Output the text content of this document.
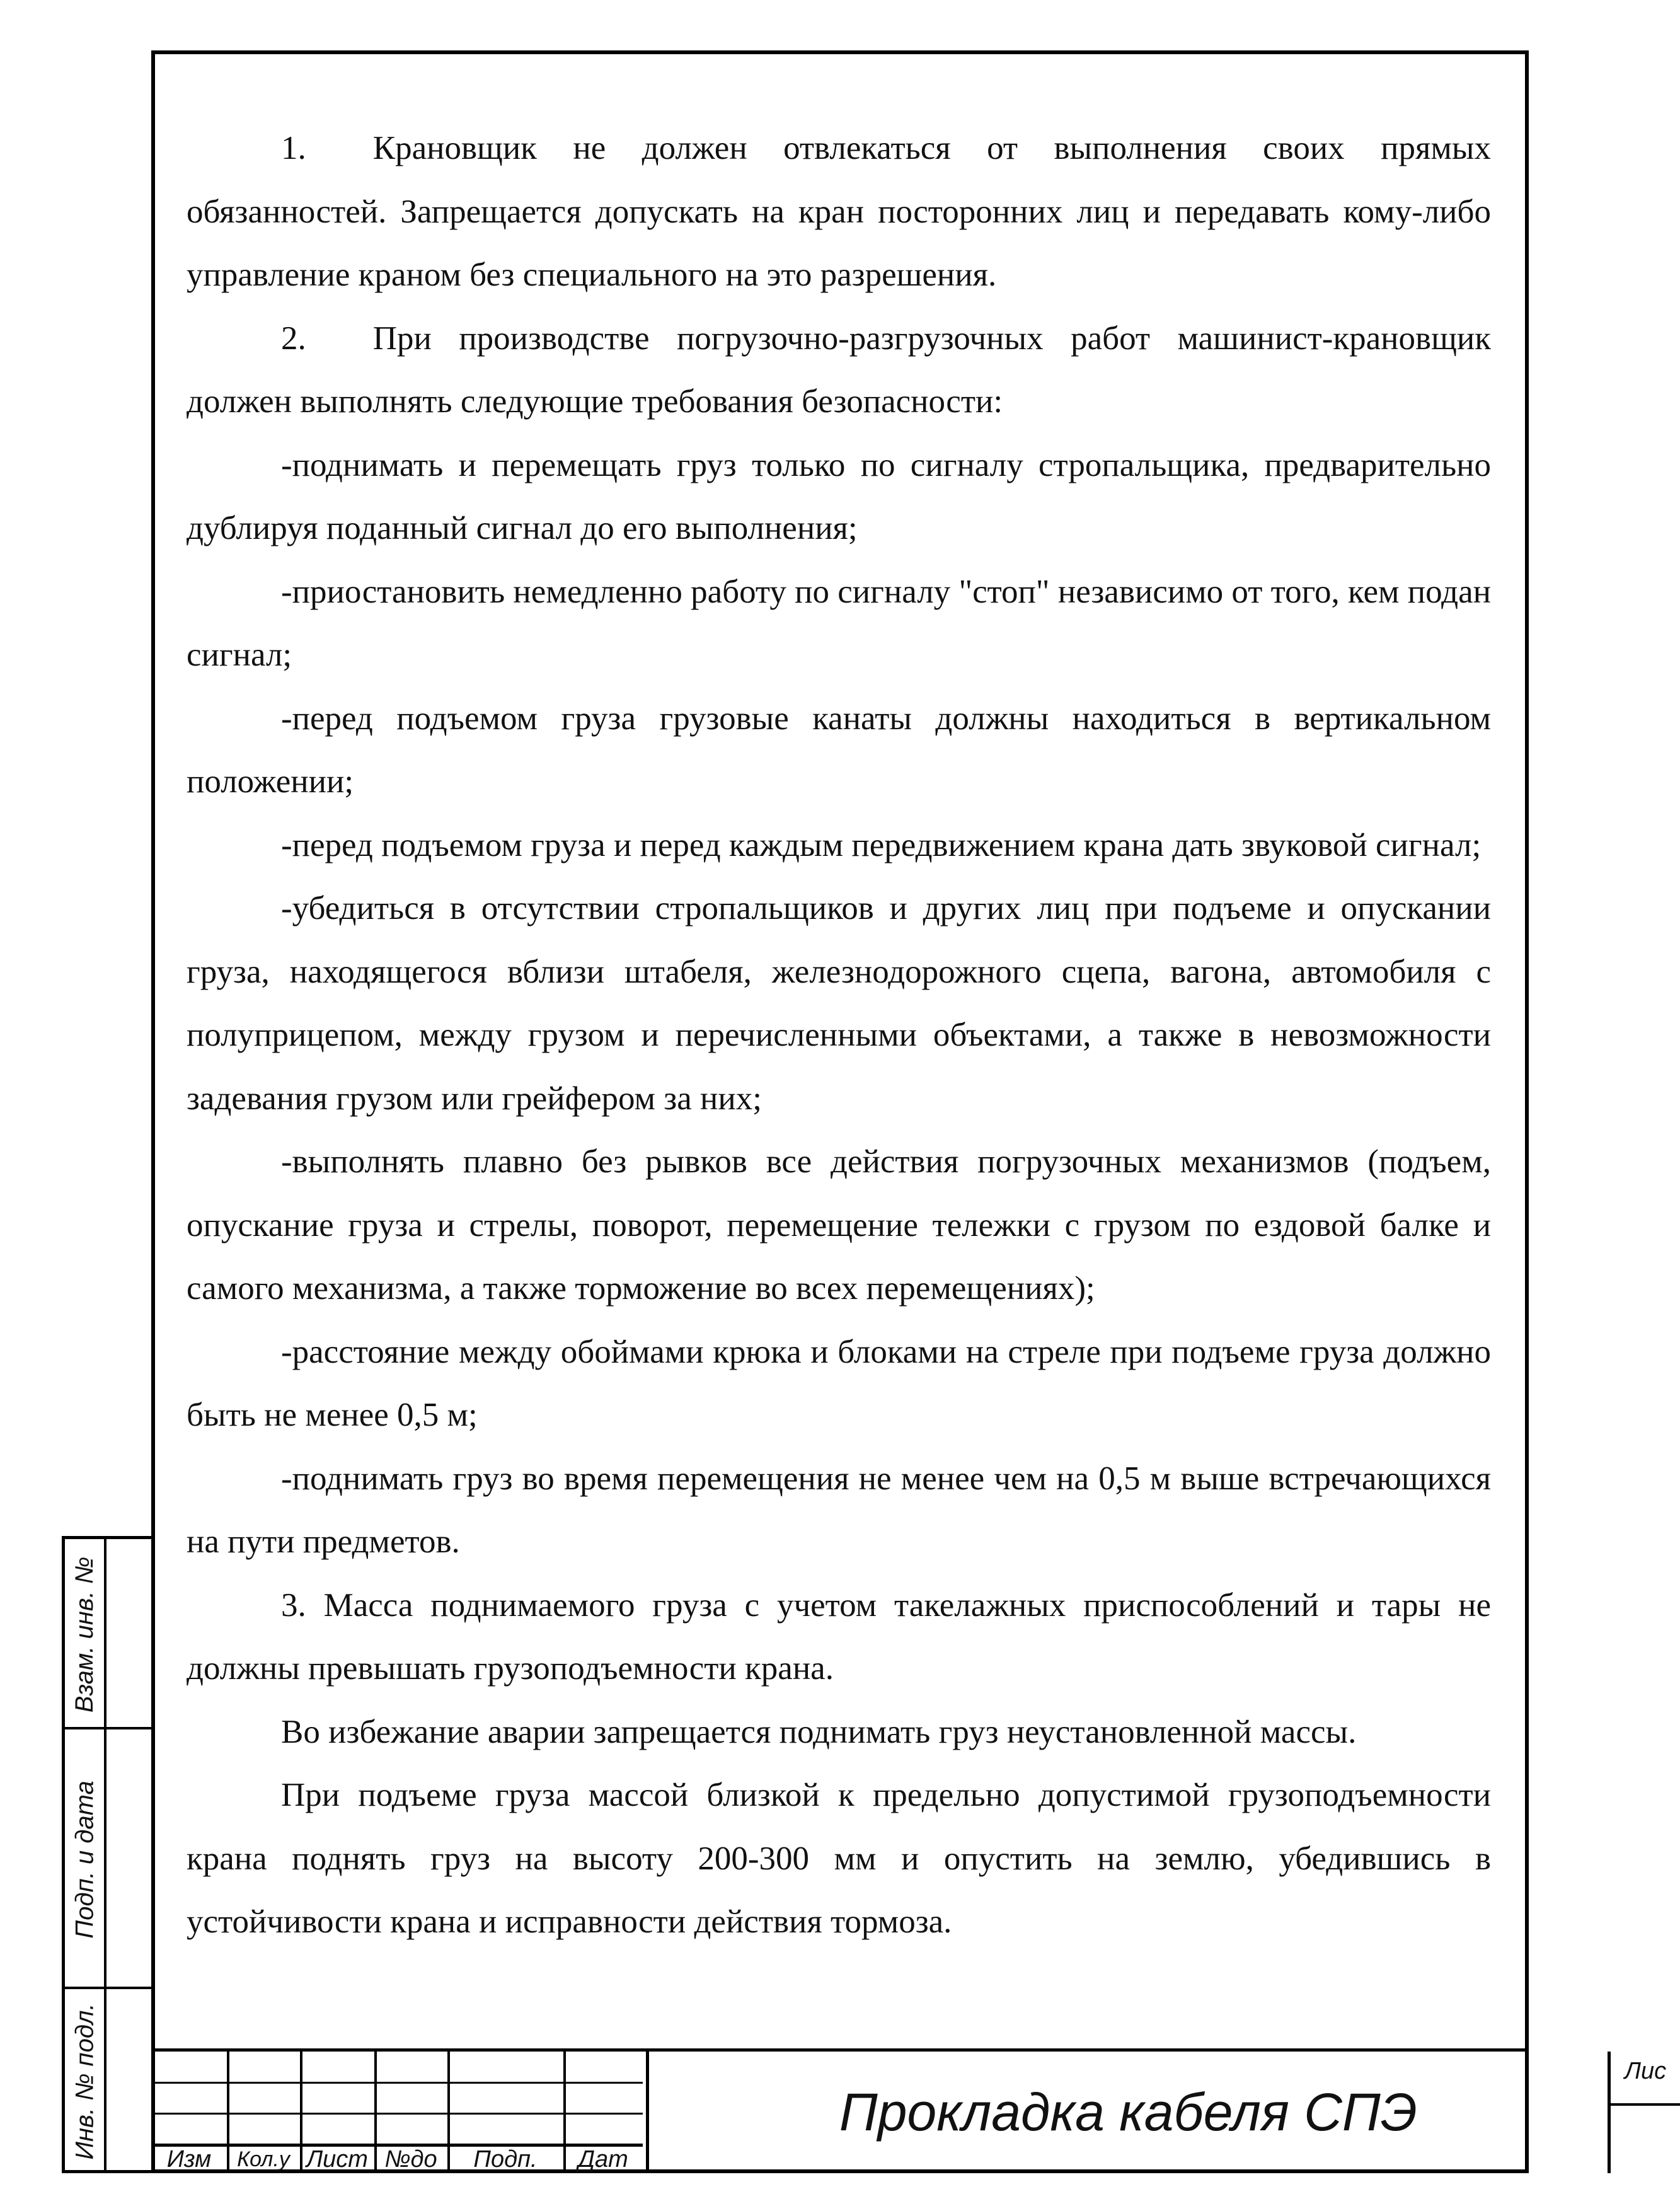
1.  Крановщик не должен отвлекаться от выполнения своих прямых обязанностей. Запрещается допускать на кран посторонних лиц и передавать кому-либо управление краном без специального на это разрешения.

2.  При производстве погрузочно-разгрузочных работ машинист-крановщик должен выполнять следующие требования безопасности:

-поднимать и перемещать груз только по сигналу стропальщика, предварительно дублируя поданный сигнал до его выполнения;

-приостановить немедленно работу по сигналу "стоп" независимо от того, кем подан сигнал;

-перед подъемом груза грузовые канаты должны находиться в вертикальном положении;

-перед подъемом груза и перед каждым передвижением крана дать звуковой сигнал;

-убедиться в отсутствии стропальщиков и других лиц при подъеме и опускании груза, находящегося вблизи штабеля, железнодорожного сцепа, вагона, автомобиля с полуприцепом, между грузом и перечисленными объектами, а также в невозможности задевания грузом или грейфером за них;

-выполнять плавно без рывков все действия погрузочных механизмов (подъем, опускание груза и стрелы, поворот, перемещение тележки с грузом по ездовой балке и самого механизма, а также торможение во всех перемещениях);

-расстояние между обоймами крюка и блоками на стреле при подъеме груза должно быть не менее 0,5 м;

-поднимать груз во время перемещения не менее чем на 0,5 м выше встречающихся на пути предметов.

3. Масса поднимаемого груза с учетом такелажных приспособлений и тары не должны превышать грузоподъемности крана.

Во избежание аварии запрещается поднимать груз неустановленной массы.

При подъеме груза массой близкой к предельно допустимой грузоподъемности крана поднять груз на высоту 200-300 мм и опустить на землю, убедившись в устойчивости крана и исправности действия тормоза.

Взам. инв. №
Подп. и дата
Инв. № подл.	Изм	Кол.у Лист №до	Подп.	Дат
Прокладка кабеля СПЭ
Лис
